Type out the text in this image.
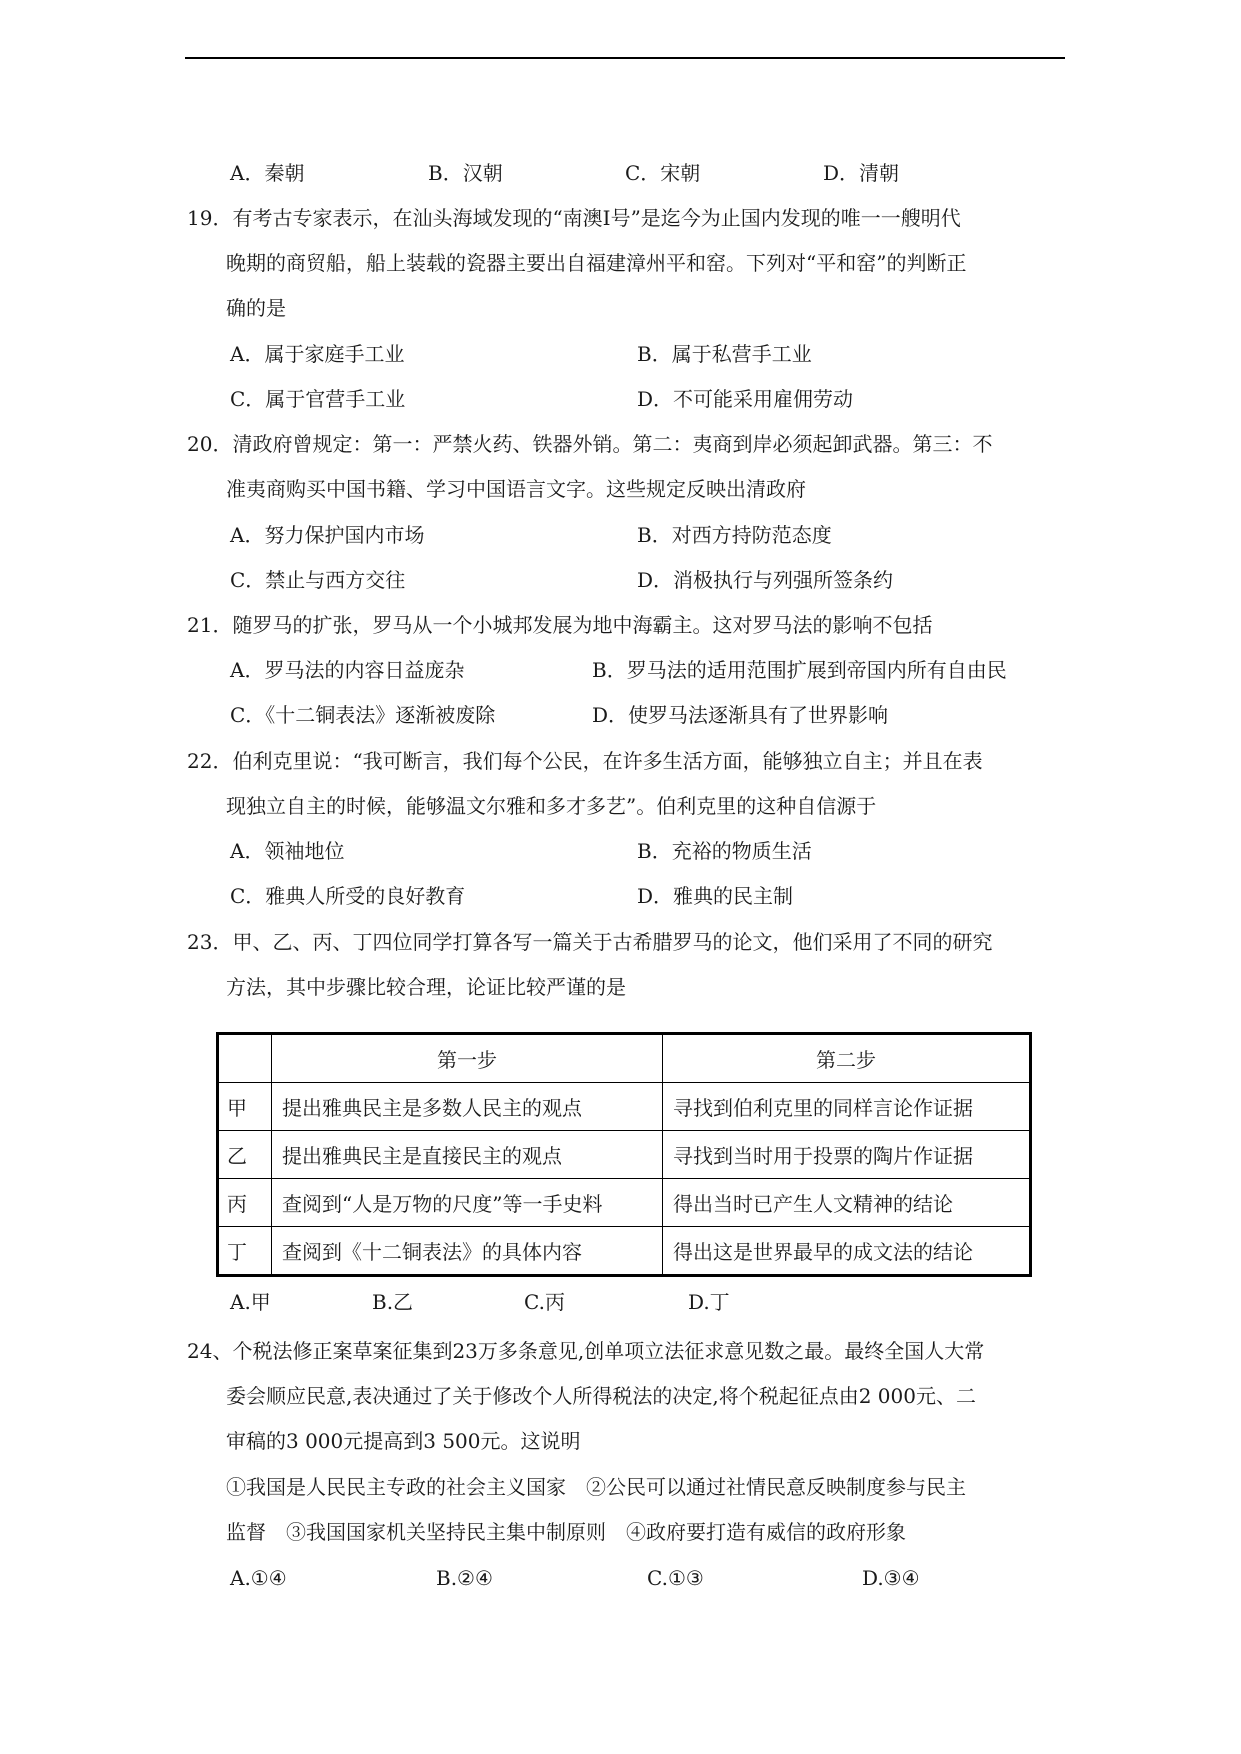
A．秦朝	B．汉朝	C．宋朝	D．清朝
19．有考古专家表示，在汕头海域发现的“南澳Ⅰ号”是迄今为止国内发现的唯一一艘明代
晚期的商贸船，船上装载的瓷器主要出自福建漳州平和窑。下列对“平和窑”的判断正
确的是
A．属于家庭手工业	B．属于私营手工业
C．属于官营手工业	D．不可能采用雇佣劳动
20．清政府曾规定：第一：严禁火药、铁器外销。第二：夷商到岸必须起卸武器。第三：不
准夷商购买中国书籍、学习中国语言文字。这些规定反映出清政府
A．努力保护国内市场	B．对西方持防范态度
C．禁止与西方交往	D．消极执行与列强所签条约
21．随罗马的扩张，罗马从一个小城邦发展为地中海霸主。这对罗马法的影响不包括
A．罗马法的内容日益庞杂	B．罗马法的适用范围扩展到帝国内所有自由民
C．《十二铜表法》逐渐被废除	D．使罗马法逐渐具有了世界影响
22．伯利克里说：“我可断言，我们每个公民，在许多生活方面，能够独立自主；并且在表
现独立自主的时候，能够温文尔雅和多才多艺”。伯利克里的这种自信源于
A．领袖地位	B．充裕的物质生活
C．雅典人所受的良好教育	D．雅典的民主制
23．甲、乙、丙、丁四位同学打算各写一篇关于古希腊罗马的论文，他们采用了不同的研究
方法，其中步骤比较合理，论证比较严谨的是
	第一步	第二步
甲	提出雅典民主是多数人民主的观点	寻找到伯利克里的同样言论作证据
乙	提出雅典民主是直接民主的观点	寻找到当时用于投票的陶片作证据
丙	查阅到“人是万物的尺度”等一手史料	得出当时已产生人文精神的结论
丁	查阅到《十二铜表法》的具体内容	得出这是世界最早的成文法的结论
A.甲	B.乙	C.丙	D.丁
24、个税法修正案草案征集到23万多条意见,创单项立法征求意见数之最。最终全国人大常
委会顺应民意,表决通过了关于修改个人所得税法的决定,将个税起征点由2 000元、二
审稿的3 000元提高到3 500元。这说明
①我国是人民民主专政的社会主义国家　②公民可以通过社情民意反映制度参与民主
监督　③我国国家机关坚持民主集中制原则　④政府要打造有威信的政府形象
A.①④	B.②④	C.①③	D.③④
